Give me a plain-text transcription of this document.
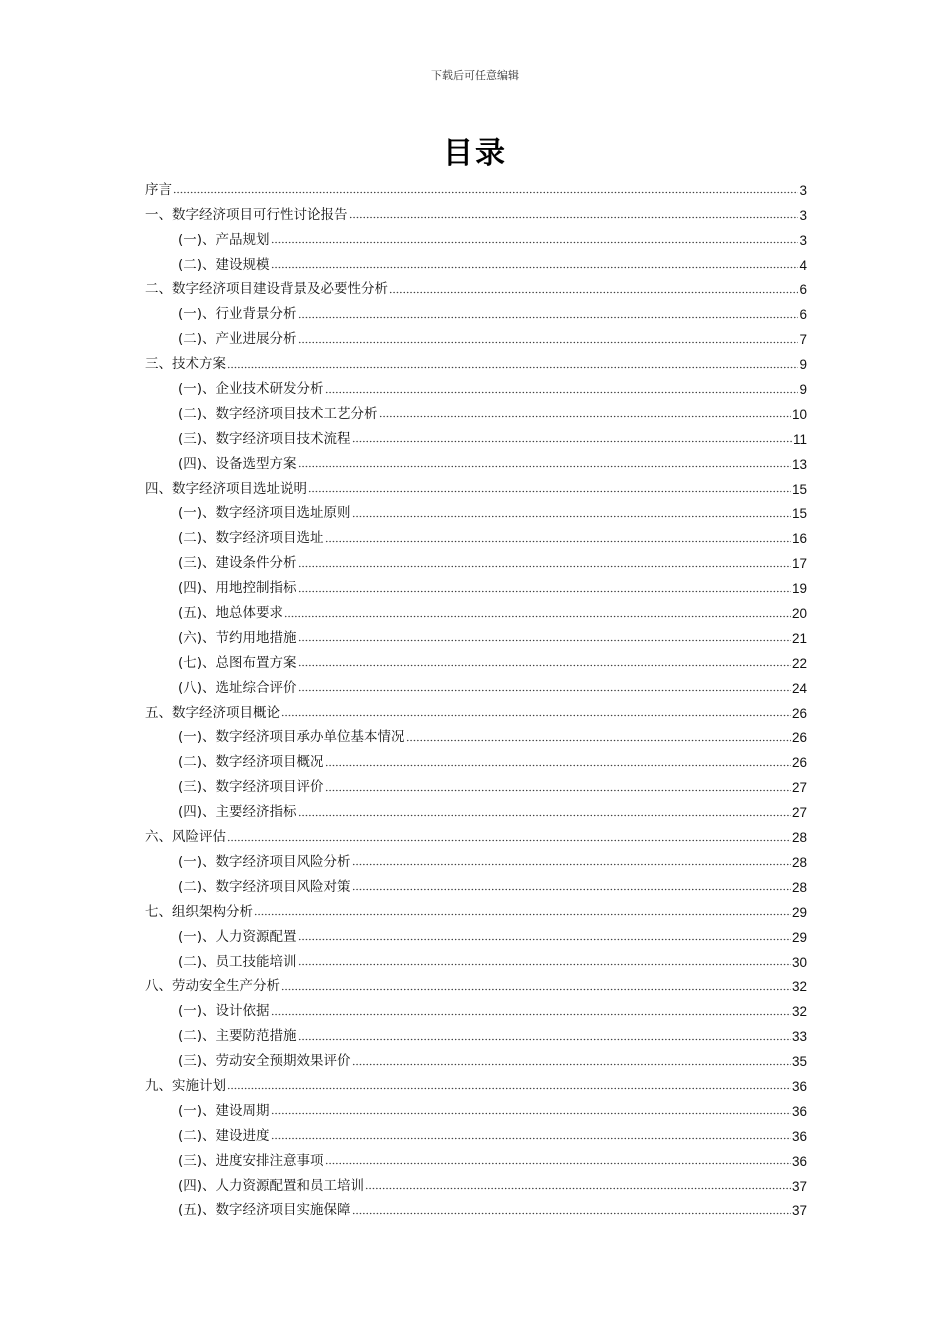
下载后可任意编辑
目录
序言	3
一、数字经济项目可行性讨论报告	3
(一)、产品规划	3
(二)、建设规模	4
二、数字经济项目建设背景及必要性分析	6
(一)、行业背景分析	6
(二)、产业进展分析	7
三、技术方案	9
(一)、企业技术研发分析	9
(二)、数字经济项目技术工艺分析	10
(三)、数字经济项目技术流程	11
(四)、设备选型方案	13
四、数字经济项目选址说明	15
(一)、数字经济项目选址原则	15
(二)、数字经济项目选址	16
(三)、建设条件分析	17
(四)、用地控制指标	19
(五)、地总体要求	20
(六)、节约用地措施	21
(七)、总图布置方案	22
(八)、选址综合评价	24
五、数字经济项目概论	26
(一)、数字经济项目承办单位基本情况	26
(二)、数字经济项目概况	26
(三)、数字经济项目评价	27
(四)、主要经济指标	27
六、风险评估	28
(一)、数字经济项目风险分析	28
(二)、数字经济项目风险对策	28
七、组织架构分析	29
(一)、人力资源配置	29
(二)、员工技能培训	30
八、劳动安全生产分析	32
(一)、设计依据	32
(二)、主要防范措施	33
(三)、劳动安全预期效果评价	35
九、实施计划	36
(一)、建设周期	36
(二)、建设进度	36
(三)、进度安排注意事项	36
(四)、人力资源配置和员工培训	37
(五)、数字经济项目实施保障	37
